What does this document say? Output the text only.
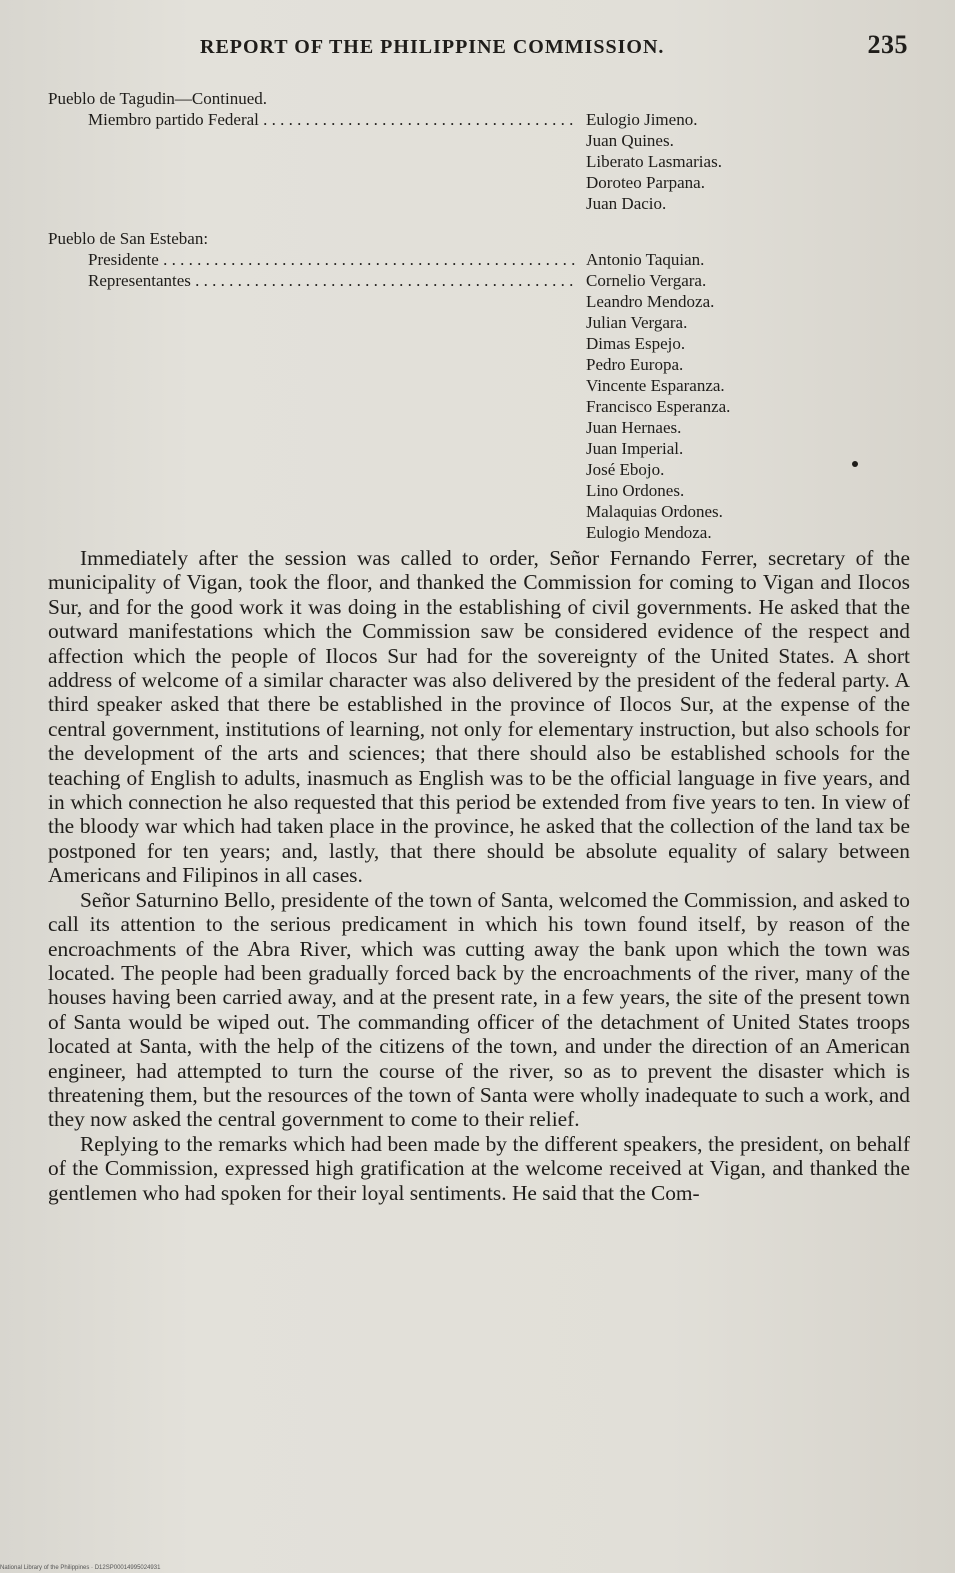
REPORT OF THE PHILIPPINE COMMISSION.	235
Pueblo de Tagudin—Continued.
Miembro partido Federal . . .	Eulogio Jimeno.
Juan Quines.
Liberato Lasmarias.
Doroteo Parpana.
Juan Dacio.
Pueblo de San Esteban:
Presidente . . .	Antonio Taquian.
Representantes . . .	Cornelio Vergara.
Leandro Mendoza.
Julian Vergara.
Dimas Espejo.
Pedro Europa.
Vincente Esparanza.
Francisco Esperanza.
Juan Hernaes.
Juan Imperial.
José Ebojo.
Lino Ordones.
Malaquias Ordones.
Eulogio Mendoza.

Immediately after the session was called to order, Señor Fernando Ferrer, secretary of the municipality of Vigan, took the floor, and thanked the Commission for coming to Vigan and Ilocos Sur, and for the good work it was doing in the establishing of civil governments. He asked that the outward manifestations which the Commission saw be considered evidence of the respect and affection which the people of Ilocos Sur had for the sovereignty of the United States. A short address of welcome of a similar character was also delivered by the president of the federal party. A third speaker asked that there be established in the province of Ilocos Sur, at the expense of the central government, institutions of learning, not only for elementary instruction, but also schools for the development of the arts and sciences; that there should also be established schools for the teaching of English to adults, inasmuch as English was to be the official language in five years, and in which connection he also requested that this period be extended from five years to ten. In view of the bloody war which had taken place in the province, he asked that the collection of the land tax be postponed for ten years; and, lastly, that there should be absolute equality of salary between Americans and Filipinos in all cases.

Señor Saturnino Bello, presidente of the town of Santa, welcomed the Commission, and asked to call its attention to the serious predicament in which his town found itself, by reason of the encroachments of the Abra River, which was cutting away the bank upon which the town was located. The people had been gradually forced back by the encroachments of the river, many of the houses having been carried away, and at the present rate, in a few years, the site of the present town of Santa would be wiped out. The commanding officer of the detachment of United States troops located at Santa, with the help of the citizens of the town, and under the direction of an American engineer, had attempted to turn the course of the river, so as to prevent the disaster which is threatening them, but the resources of the town of Santa were wholly inadequate to such a work, and they now asked the central government to come to their relief.

Replying to the remarks which had been made by the different speakers, the president, on behalf of the Commission, expressed high gratification at the welcome received at Vigan, and thanked the gentlemen who had spoken for their loyal sentiments. He said that the Com-

National Library of the Philippines · D12SP00014995024931
